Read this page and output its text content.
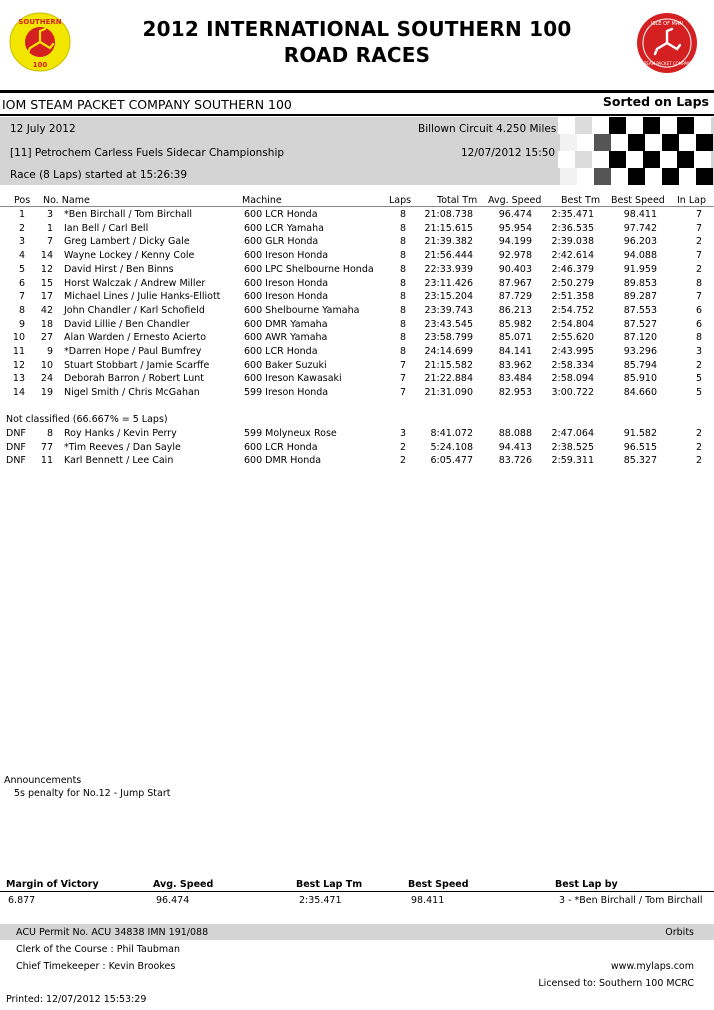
SOUTHERN
100
2012 INTERNATIONAL SOUTHERN 100
ROAD RACES
ISLE OF MAN
STEAM PACKET COMPANY
IOM STEAM PACKET COMPANY SOUTHERN 100	Sorted on Laps
12 July 2012	Billown Circuit 4.250 Miles
[11] Petrochem Carless Fuels Sidecar Championship	12/07/2012 15:50
Race (8 Laps) started at 15:26:39
Pos No. Name	Machine	Laps	Total Tm Avg. Speed Best Tm Best Speed In Lap
1 3 *Ben Birchall / Tom Birchall	600 LCR Honda	8 21:08.738	96.474 2:35.471	98.411	7
2 1 Ian Bell / Carl Bell	600 LCR Yamaha	8 21:15.615	95.954 2:36.535	97.742	7
3 7 Greg Lambert / Dicky Gale	600 GLR Honda	8 21:39.382	94.199 2:39.038	96.203	2
4 14 Wayne Lockey / Kenny Cole	600 Ireson Honda	8 21:56.444	92.978 2:42.614	94.088	7
5 12 David Hirst / Ben Binns	600 LPC Shelbourne Honda	8 22:33.939	90.403 2:46.379	91.959	2
6 15 Horst Walczak / Andrew Miller	600 Ireson Honda	8 23:11.426	87.967 2:50.279	89.853	8
7 17 Michael Lines / Julie Hanks-Elliott 600 Ireson Honda	8 23:15.204	87.729 2:51.358	89.287	7
8 42 John Chandler / Karl Schofield	600 Shelbourne Yamaha	8 23:39.743	86.213 2:54.752	87.553	6
9 18 David Lillie / Ben Chandler	600 DMR Yamaha	8 23:43.545	85.982 2:54.804	87.527	6
10 27 Alan Warden / Ernesto Acierto	600 AWR Yamaha	8 23:58.799	85.071 2:55.620	87.120	8
11 9 *Darren Hope / Paul Bumfrey	600 LCR Honda	8 24:14.699	84.141 2:43.995	93.296	3
12 10 Stuart Stobbart / Jamie Scarffe	600 Baker Suzuki	7 21:15.582	83.962 2:58.334	85.794	2
13 24 Deborah Barron / Robert Lunt	600 Ireson Kawasaki	7 21:22.884	83.484 2:58.094	85.910	5
14 19 Nigel Smith / Chris McGahan	599 Ireson Honda	7 21:31.090	82.953 3:00.722	84.660	5
Not classified (66.667% = 5 Laps)
DNF 8 Roy Hanks / Kevin Perry	599 Molyneux Rose	3	8:41.072	88.088 2:47.064	91.582	2
DNF 77 *Tim Reeves / Dan Sayle	600 LCR Honda	2	5:24.108	94.413 2:38.525	96.515	2
DNF 11 Karl Bennett / Lee Cain	600 DMR Honda	2	6:05.477	83.726 2:59.311	85.327	2
Announcements
5s penalty for No.12 - Jump Start
Margin of Victory	Avg. Speed	Best Lap Tm	Best Speed	Best Lap by
6.877	96.474	2:35.471	98.411	3 - *Ben Birchall / Tom Birchall
ACU Permit No. ACU 34838 IMN 191/088	Orbits
Clerk of the Course : Phil Taubman
Chief Timekeeper : Kevin Brookes	www.mylaps.com
Licensed to: Southern 100 MCRC
Printed: 12/07/2012 15:53:29
